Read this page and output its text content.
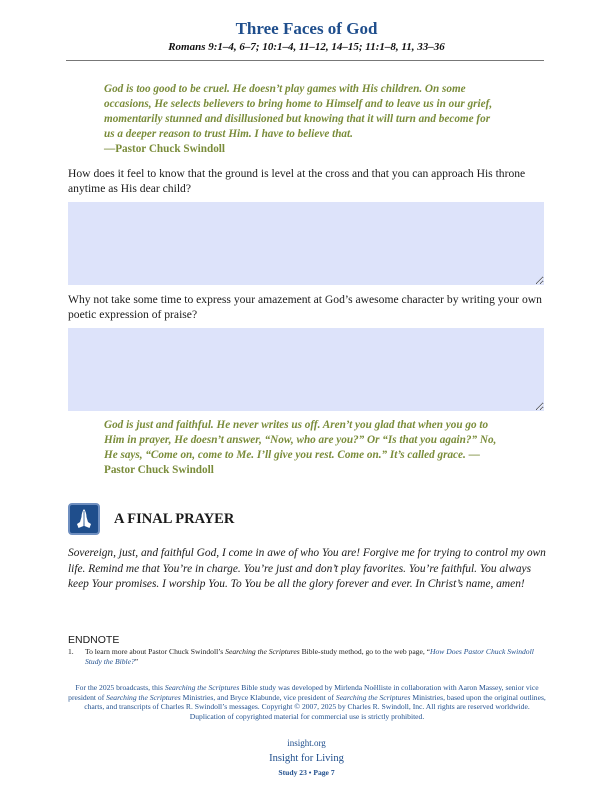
Three Faces of God
Romans 9:1–4, 6–7; 10:1–4, 11–12, 14–15; 11:1–8, 11, 33–36
God is too good to be cruel. He doesn’t play games with His children. On some occasions, He selects believers to bring home to Himself and to leave us in our grief, momentarily stunned and disillusioned but knowing that it will turn and become for us a deeper reason to trust Him. I have to believe that.
—Pastor Chuck Swindoll
How does it feel to know that the ground is level at the cross and that you can approach His throne anytime as His dear child?
Why not take some time to express your amazement at God’s awesome character by writing your own poetic expression of praise?
God is just and faithful. He never writes us off. Aren’t you glad that when you go to Him in prayer, He doesn’t answer, “Now, who are you?” Or “Is that you again?” No, He says, “Come on, come to Me. I’ll give you rest. Come on.” It’s called grace. —Pastor Chuck Swindoll
A FINAL PRAYER
Sovereign, just, and faithful God, I come in awe of who You are! Forgive me for trying to control my own life. Remind me that You’re in charge. You’re just and don’t play favorites. You’re faithful. You always keep Your promises. I worship You. To You be all the glory forever and ever. In Christ’s name, amen!
ENDNOTE
1. To learn more about Pastor Chuck Swindoll’s Searching the Scriptures Bible-study method, go to the web page, “How Does Pastor Chuck Swindoll Study the Bible?”
For the 2025 broadcasts, this Searching the Scriptures Bible study was developed by Mirlenda Noëlliste in collaboration with Aaron Massey, senior vice president of Searching the Scriptures Ministries, and Bryce Klabunde, vice president of Searching the Scriptures Ministries, based upon the original outlines, charts, and transcripts of Charles R. Swindoll’s messages. Copyright © 2007, 2025 by Charles R. Swindoll, Inc. All rights are reserved worldwide. Duplication of copyrighted material for commercial use is strictly prohibited.
insight.org
Insight for Living
Study 23 • Page 7
